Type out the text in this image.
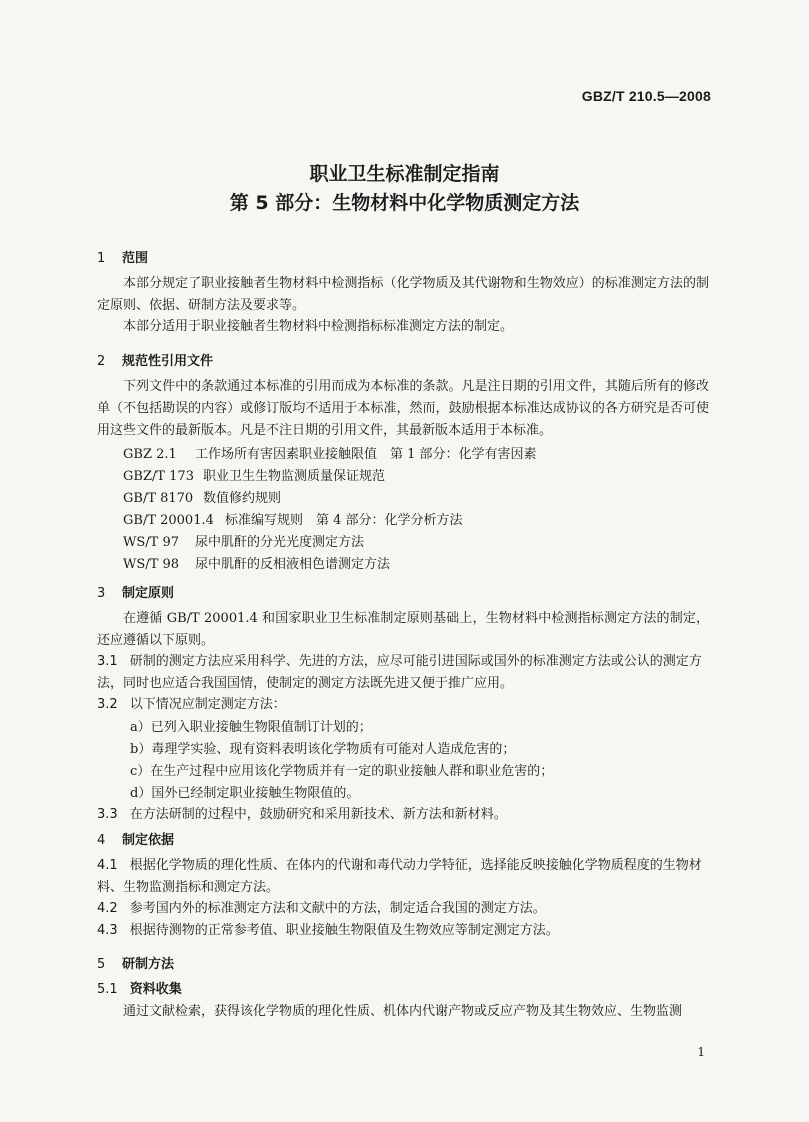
GBZ/T 210.5—2008
职业卫生标准制定指南
第 5 部分：生物材料中化学物质测定方法
1 范围
本部分规定了职业接触者生物材料中检测指标（化学物质及其代谢物和生物效应）的标准测定方法的制定原则、依据、研制方法及要求等。
本部分适用于职业接触者生物材料中检测指标标准测定方法的制定。
2 规范性引用文件
下列文件中的条款通过本标准的引用而成为本标准的条款。凡是注日期的引用文件，其随后所有的修改单（不包括勘误的内容）或修订版均不适用于本标准，然而，鼓励根据本标准达成协议的各方研究是否可使用这些文件的最新版本。凡是不注日期的引用文件，其最新版本适用于本标准。
GBZ 2.1 工作场所有害因素职业接触限值　第 1 部分：化学有害因素
GBZ/T 173 职业卫生生物监测质量保证规范
GB/T 8170 数值修约规则
GB/T 20001.4 标准编写规则　第 4 部分：化学分析方法
WS/T 97 尿中肌酐的分光光度测定方法
WS/T 98 尿中肌酐的反相液相色谱测定方法
3 制定原则
在遵循 GB/T 20001.4 和国家职业卫生标准制定原则基础上，生物材料中检测指标测定方法的制定，还应遵循以下原则。
3.1 研制的测定方法应采用科学、先进的方法，应尽可能引进国际或国外的标准测定方法或公认的测定方法，同时也应适合我国国情，使制定的测定方法既先进又便于推广应用。
3.2 以下情况应制定测定方法：
a）已列入职业接触生物限值制订计划的；
b）毒理学实验、现有资料表明该化学物质有可能对人造成危害的；
c）在生产过程中应用该化学物质并有一定的职业接触人群和职业危害的；
d）国外已经制定职业接触生物限值的。
3.3 在方法研制的过程中，鼓励研究和采用新技术、新方法和新材料。
4 制定依据
4.1 根据化学物质的理化性质、在体内的代谢和毒代动力学特征，选择能反映接触化学物质程度的生物材料、生物监测指标和测定方法。
4.2 参考国内外的标准测定方法和文献中的方法，制定适合我国的测定方法。
4.3 根据待测物的正常参考值、职业接触生物限值及生物效应等制定测定方法。
5 研制方法
5.1 资料收集
通过文献检索，获得该化学物质的理化性质、机体内代谢产物或反应产物及其生物效应、生物监测
1
